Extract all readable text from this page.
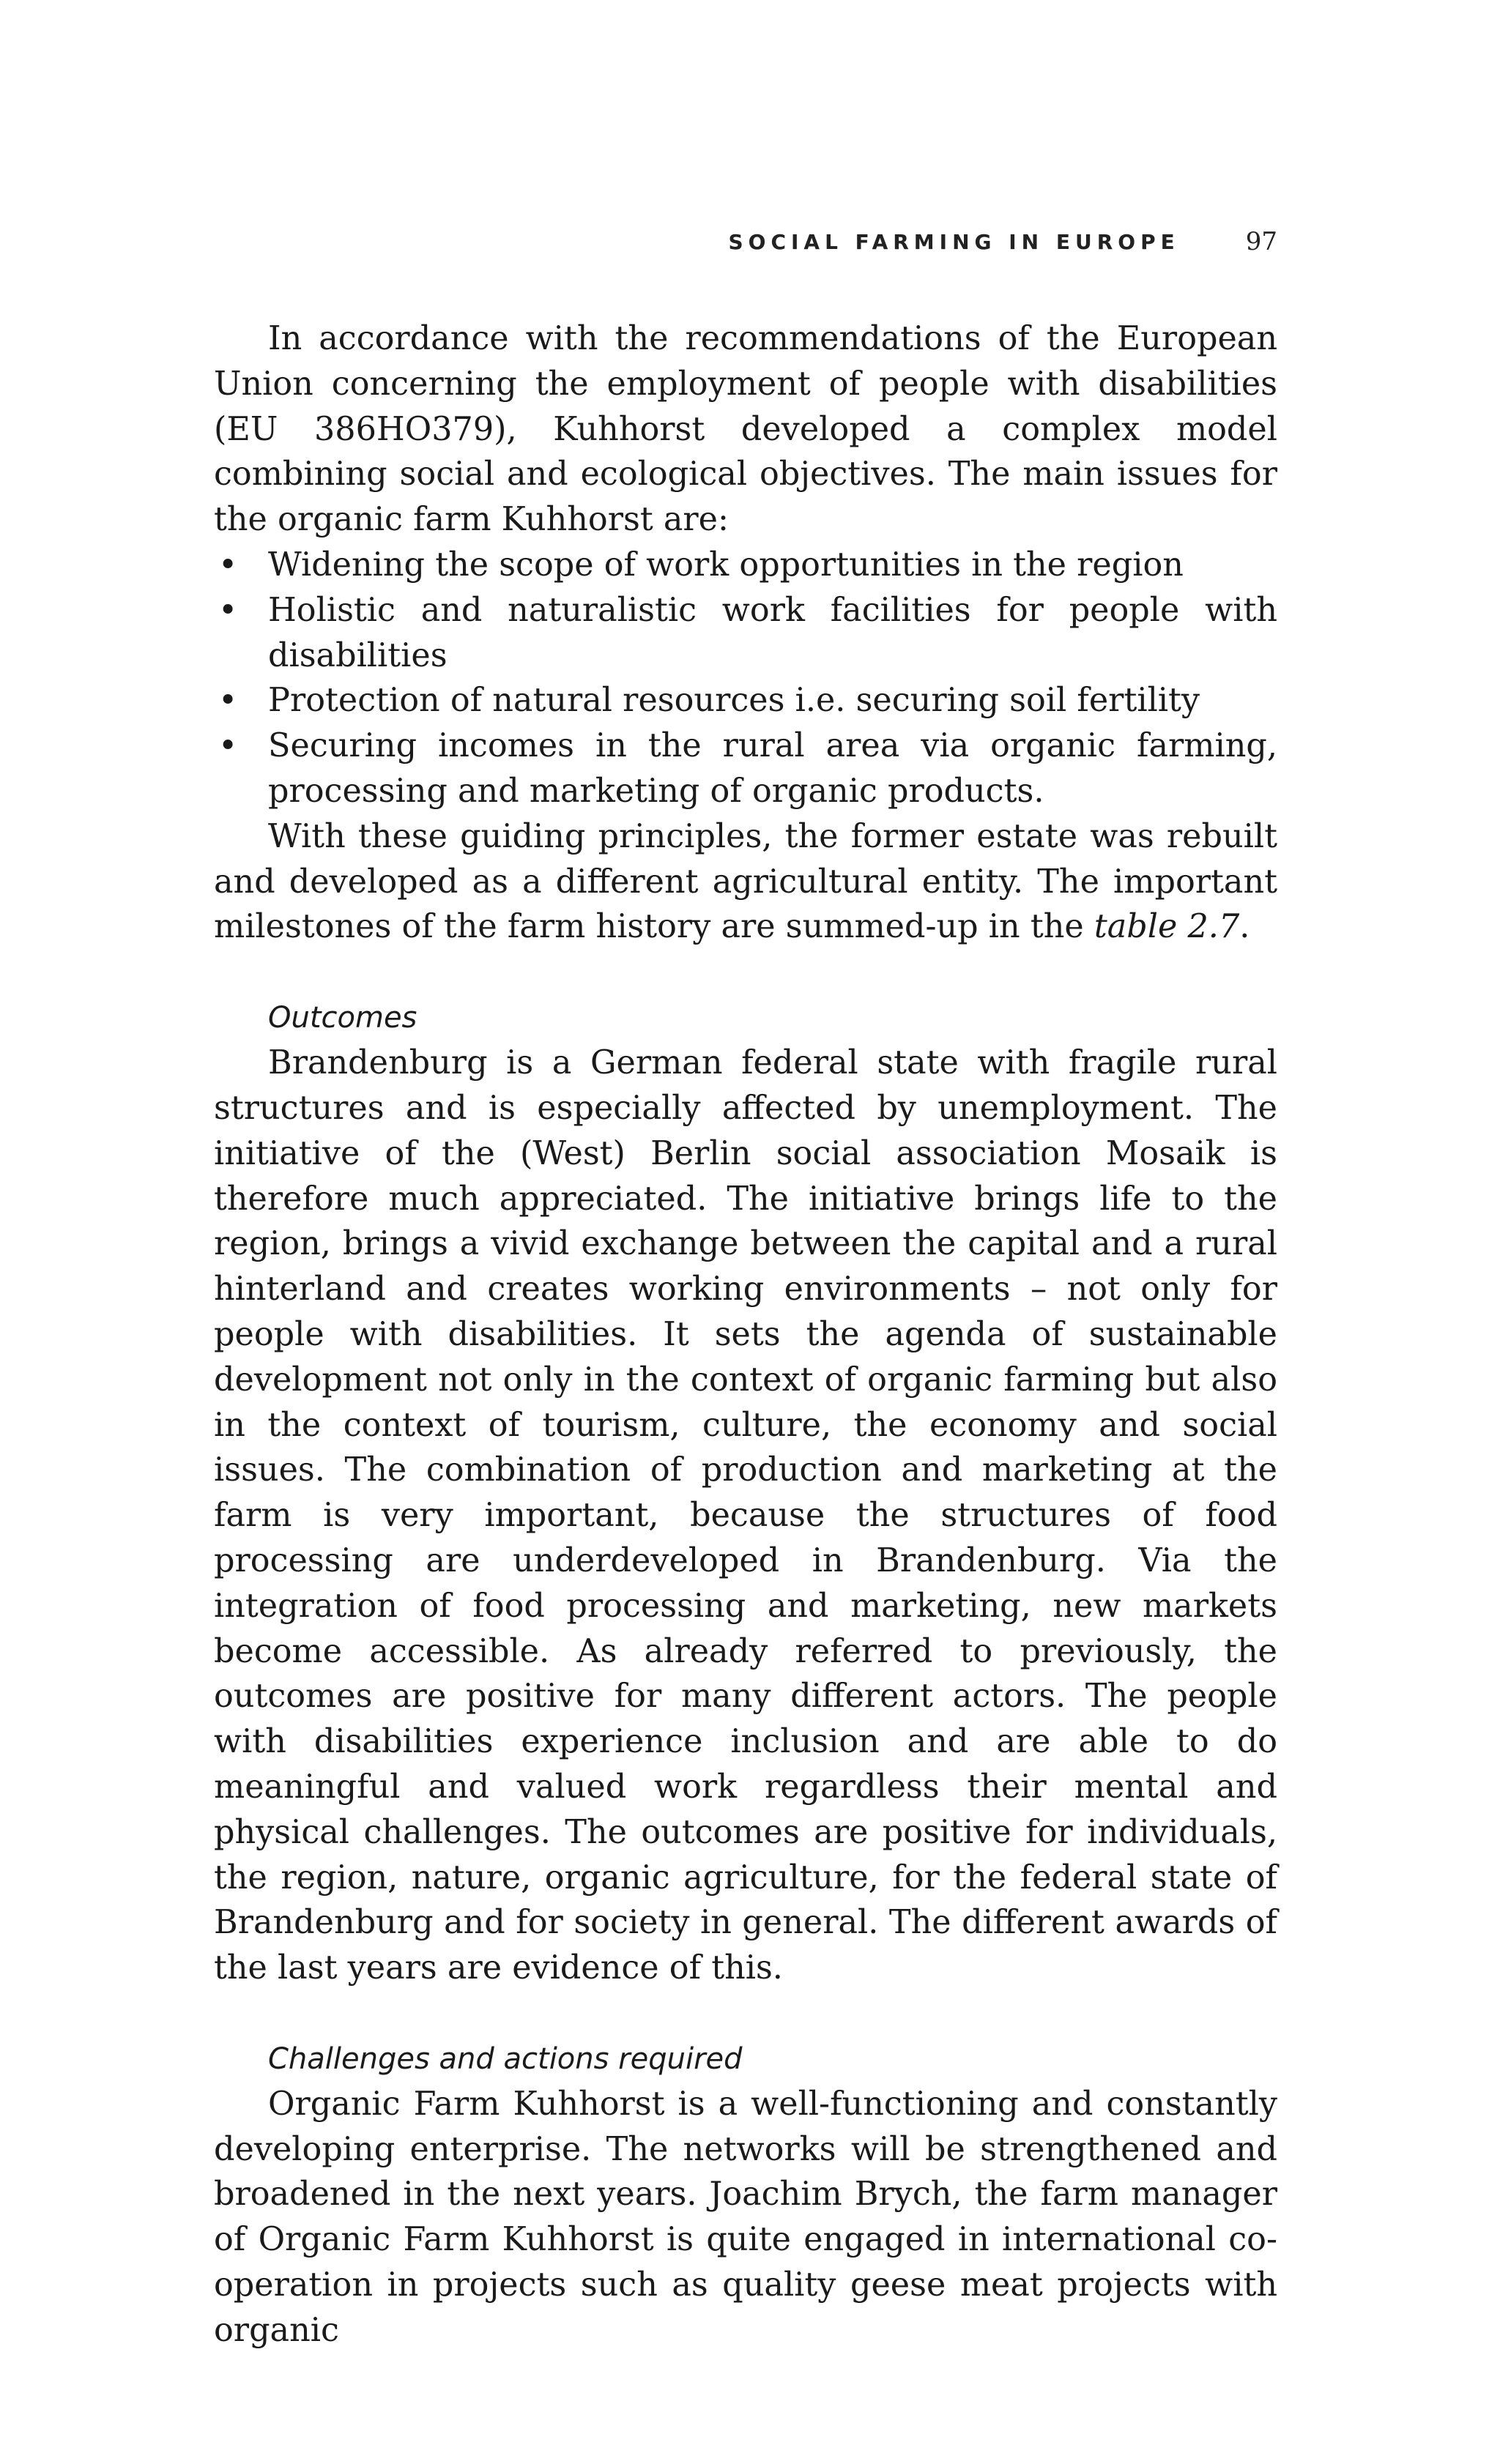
SOCIAL FARMING IN EUROPE	97

In accordance with the recommendations of the European Union concerning the employment of people with disabilities (EU 386HO379), Kuhhorst developed a complex model combining social and ecological objectives. The main issues for the organic farm Kuhhorst are:

• Widening the scope of work opportunities in the region
• Holistic and naturalistic work facilities for people with disabilities
• Protection of natural resources i.e. securing soil fertility
• Securing incomes in the rural area via organic farming, processing and marketing of organic products.

With these guiding principles, the former estate was rebuilt and developed as a different agricultural entity. The important milestones of the farm history are summed-up in the table 2.7.

Outcomes

Brandenburg is a German federal state with fragile rural structures and is especially affected by unemployment. The initiative of the (West) Berlin social association Mosaik is therefore much appreciated. The initiative brings life to the region, brings a vivid exchange between the capital and a rural hinterland and creates working environments – not only for people with disabilities. It sets the agenda of sustainable development not only in the context of organic farming but also in the context of tourism, culture, the economy and social issues. The combination of production and marketing at the farm is very important, because the structures of food processing are underdeveloped in Brandenburg. Via the integration of food processing and marketing, new markets become accessible. As already referred to previously, the outcomes are positive for many different actors. The people with disabilities experience inclusion and are able to do meaningful and valued work regardless their mental and physical challenges. The outcomes are positive for individuals, the region, nature, organic agriculture, for the federal state of Brandenburg and for society in general. The different awards of the last years are evidence of this.

Challenges and actions required

Organic Farm Kuhhorst is a well-functioning and constantly developing enterprise. The networks will be strengthened and broadened in the next years. Joachim Brych, the farm manager of Organic Farm Kuhhorst is quite engaged in international co-operation in projects such as quality geese meat projects with organic
